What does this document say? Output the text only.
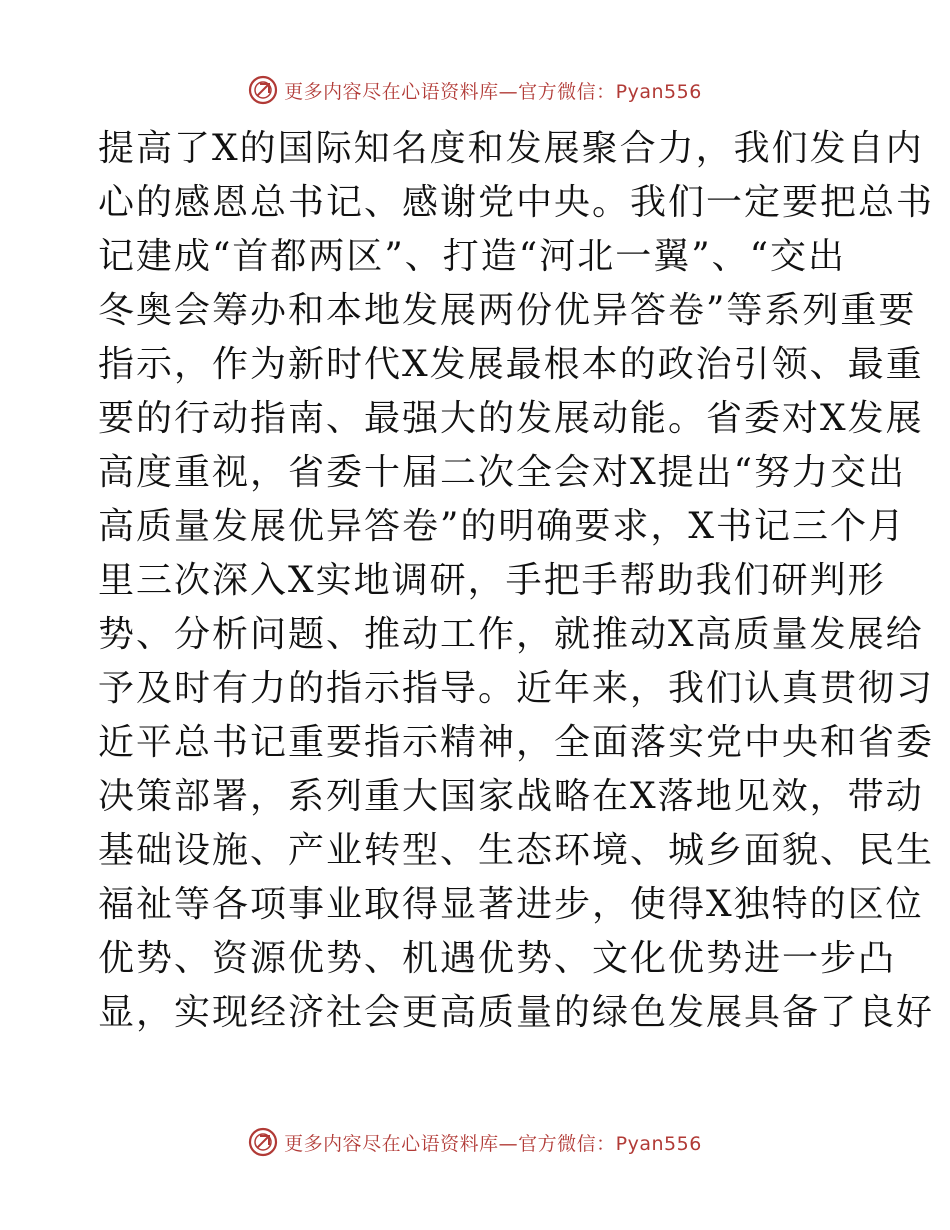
更多内容尽在心语资料库—官方微信：Pyan556
提高了X的国际知名度和发展聚合力，我们发自内
心的感恩总书记、感谢党中央。我们一定要把总书
记建成“首都两区”、打造“河北一翼”、“交出
冬奥会筹办和本地发展两份优异答卷”等系列重要
指示，作为新时代X发展最根本的政治引领、最重
要的行动指南、最强大的发展动能。省委对X发展
高度重视，省委十届二次全会对X提出“努力交出
高质量发展优异答卷”的明确要求，X书记三个月
里三次深入X实地调研，手把手帮助我们研判形
势、分析问题、推动工作，就推动X高质量发展给
予及时有力的指示指导。近年来，我们认真贯彻习
近平总书记重要指示精神，全面落实党中央和省委
决策部署，系列重大国家战略在X落地见效，带动
基础设施、产业转型、生态环境、城乡面貌、民生
福祉等各项事业取得显著进步，使得X独特的区位
优势、资源优势、机遇优势、文化优势进一步凸
显，实现经济社会更高质量的绿色发展具备了良好
更多内容尽在心语资料库—官方微信：Pyan556
